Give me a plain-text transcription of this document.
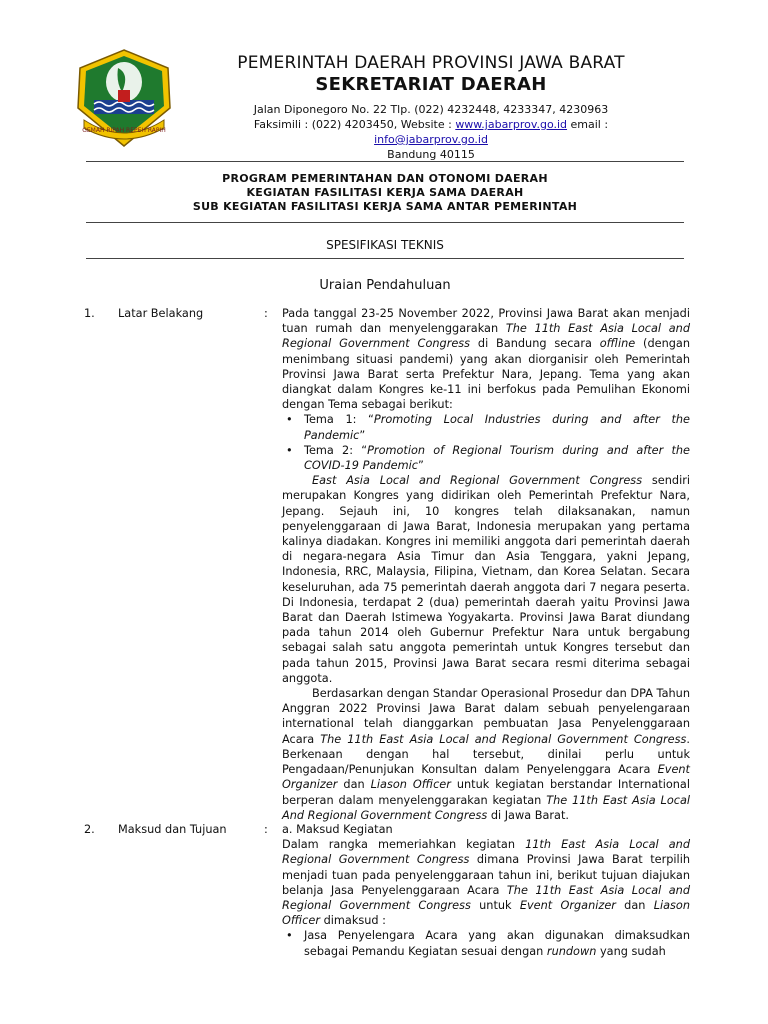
GEMAH RIPAH REPEH RAPIH
PEMERINTAH DAERAH PROVINSI JAWA BARAT
SEKRETARIAT DAERAH
Jalan Diponegoro No. 22 Tlp. (022) 4232448, 4233347, 4230963
Faksimili : (022) 4203450, Website : www.jabarprov.go.id email :
info@jabarprov.go.id
Bandung 40115
PROGRAM PEMERINTAHAN DAN OTONOMI DAERAH
KEGIATAN FASILITASI KERJA SAMA DAERAH
SUB KEGIATAN FASILITASI KERJA SAMA ANTAR PEMERINTAH
SPESIFIKASI TEKNIS
Uraian Pendahuluan
1. Latar Belakang	: Pada tanggal 23-25 November 2022, Provinsi Jawa Barat akan menjadi tuan rumah dan menyelenggarakan The 11th East Asia Local and Regional Government Congress di Bandung secara offline (dengan menimbang situasi pandemi) yang akan diorganisir oleh Pemerintah Provinsi Jawa Barat serta Prefektur Nara, Jepang. Tema yang akan diangkat dalam Kongres ke-11 ini berfokus pada Pemulihan Ekonomi dengan Tema sebagai berikut:

• Tema 1: “Promoting Local Industries during and after the Pandemic”
• Tema 2: “Promotion of Regional Tourism during and after the COVID-19 Pandemic”

East Asia Local and Regional Government Congress sendiri merupakan Kongres yang didirikan oleh Pemerintah Prefektur Nara, Jepang. Sejauh ini, 10 kongres telah dilaksanakan, namun penyelenggaraan di Jawa Barat, Indonesia merupakan yang pertama kalinya diadakan. Kongres ini memiliki anggota dari pemerintah daerah di negara-negara Asia Timur dan Asia Tenggara, yakni Jepang, Indonesia, RRC, Malaysia, Filipina, Vietnam, dan Korea Selatan. Secara keseluruhan, ada 75 pemerintah daerah anggota dari 7 negara peserta. Di Indonesia, terdapat 2 (dua) pemerintah daerah yaitu Provinsi Jawa Barat dan Daerah Istimewa Yogyakarta. Provinsi Jawa Barat diundang pada tahun 2014 oleh Gubernur Prefektur Nara untuk bergabung sebagai salah satu anggota pemerintah untuk Kongres tersebut dan pada tahun 2015, Provinsi Jawa Barat secara resmi diterima sebagai anggota.

Berdasarkan dengan Standar Operasional Prosedur dan DPA Tahun Anggran 2022 Provinsi Jawa Barat dalam sebuah penyelengaraan international telah dianggarkan pembuatan Jasa Penyelenggaraan Acara The 11th East Asia Local and Regional Government Congress. Berkenaan dengan hal tersebut, dinilai perlu untuk Pengadaan/Penunjukan Konsultan dalam Penyelenggara Acara Event Organizer dan Liason Officer untuk kegiatan berstandar International berperan dalam menyelenggarakan kegiatan The 11th East Asia Local And Regional Government Congress di Jawa Barat.

2. Maksud dan Tujuan	: a. Maksud Kegiatan

Dalam rangka memeriahkan kegiatan 11th East Asia Local and Regional Government Congress dimana Provinsi Jawa Barat terpilih menjadi tuan pada penyelenggaraan tahun ini, berikut tujuan diajukan belanja Jasa Penyelenggaraan Acara The 11th East Asia Local and Regional Government Congress untuk Event Organizer dan Liason Officer dimaksud :

• Jasa Penyelengara Acara yang akan digunakan dimaksudkan sebagai Pemandu Kegiatan sesuai dengan rundown yang sudah
